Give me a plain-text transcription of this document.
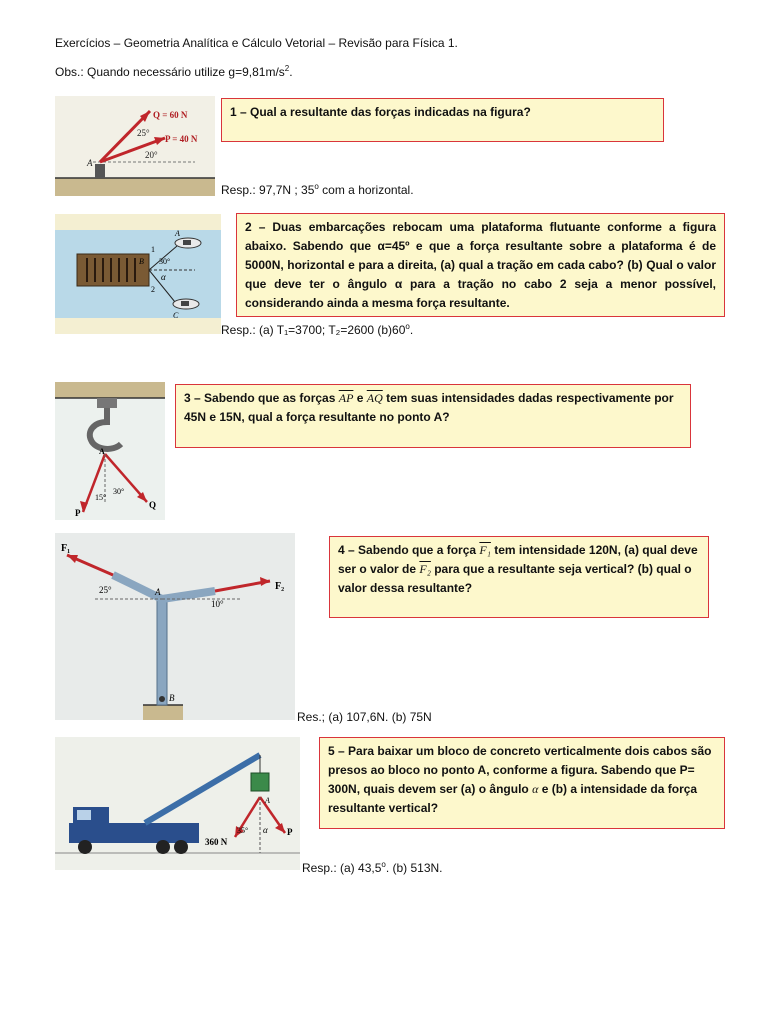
Exercícios – Geometria Analítica e Cálculo Vetorial – Revisão para Física 1.
Obs.: Quando necessário utilize $g=9,81m/s^2$.
Q = 60 N
P = 40 N
25°
20°
A
1 – Qual a resultante das forças indicadas na figura?
Resp.: 97,7N ; 35$^o$ com a horizontal.
A
B
C
1
2
30°
α
2 – Duas embarcações rebocam uma plataforma flutuante conforme a figura abaixo. Sabendo que α=45º e que a força resultante sobre a plataforma é de 5000N, horizontal e para a direita, (a) qual a tração em cada cabo? (b) Qual o valor que deve ter o ângulo α para a tração no cabo 2 seja a menor possível, considerando ainda a mesma força resultante.
Resp.: (a) T₁=3700; T₂=2600 (b)60$^o$.
A
P
Q
15°
30°
3 – Sabendo que as forças $\overline{AP}$ e $\overline{AQ}$ tem suas intensidades dadas respectivamente por 45N e 15N, qual a força resultante no ponto A?
F₁
F₂
25°
10°
A
B
4 – Sabendo que a força F₁ tem intensidade 120N, (a) qual deve ser o valor de F₂ para que a resultante seja vertical? (b) qual o valor dessa resultante?
Res.; (a) 107,6N. (b) 75N
360 N
35° α P
A
5 – Para baixar um bloco de concreto verticalmente dois cabos são presos ao bloco no ponto A, conforme a figura. Sabendo que P= 300N, quais devem ser (a) o ângulo α e (b) a intensidade da força resultante vertical?
Resp.: (a) 43,5$^o$. (b) 513N.
